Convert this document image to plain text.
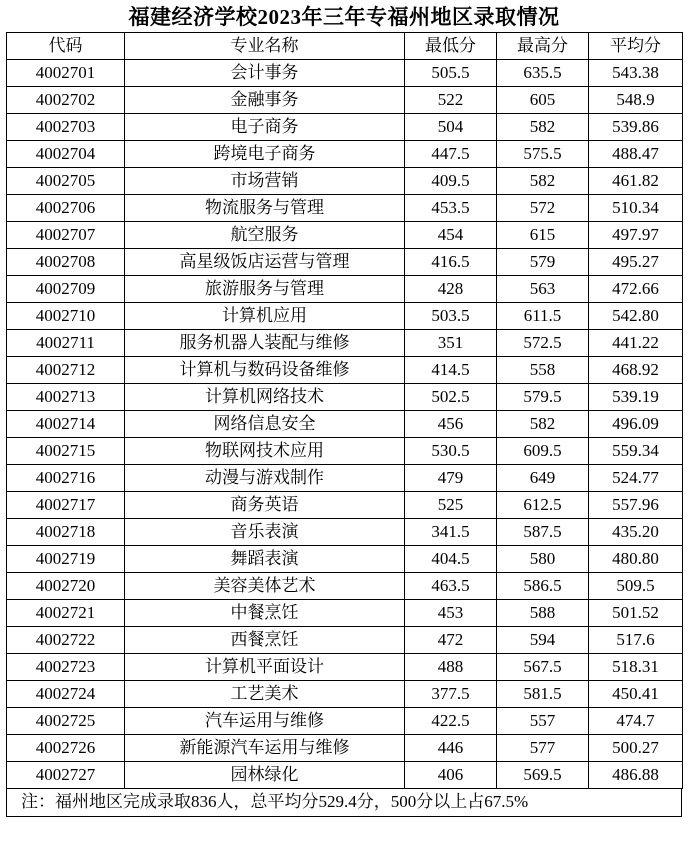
福建经济学校2023年三年专福州地区录取情况
代码	专业名称	最低分	最高分	平均分
4002701	会计事务	505.5	635.5	543.38
4002702	金融事务	522	605	548.9
4002703	电子商务	504	582	539.86
4002704	跨境电子商务	447.5	575.5	488.47
4002705	市场营销	409.5	582	461.82
4002706	物流服务与管理	453.5	572	510.34
4002707	航空服务	454	615	497.97
4002708	高星级饭店运营与管理	416.5	579	495.27
4002709	旅游服务与管理	428	563	472.66
4002710	计算机应用	503.5	611.5	542.80
4002711	服务机器人装配与维修	351	572.5	441.22
4002712	计算机与数码设备维修	414.5	558	468.92
4002713	计算机网络技术	502.5	579.5	539.19
4002714	网络信息安全	456	582	496.09
4002715	物联网技术应用	530.5	609.5	559.34
4002716	动漫与游戏制作	479	649	524.77
4002717	商务英语	525	612.5	557.96
4002718	音乐表演	341.5	587.5	435.20
4002719	舞蹈表演	404.5	580	480.80
4002720	美容美体艺术	463.5	586.5	509.5
4002721	中餐烹饪	453	588	501.52
4002722	西餐烹饪	472	594	517.6
4002723	计算机平面设计	488	567.5	518.31
4002724	工艺美术	377.5	581.5	450.41
4002725	汽车运用与维修	422.5	557	474.7
4002726	新能源汽车运用与维修	446	577	500.27
4002727	园林绿化	406	569.5	486.88
注：福州地区完成录取836人，总平均分529.4分，500分以上占67.5%
